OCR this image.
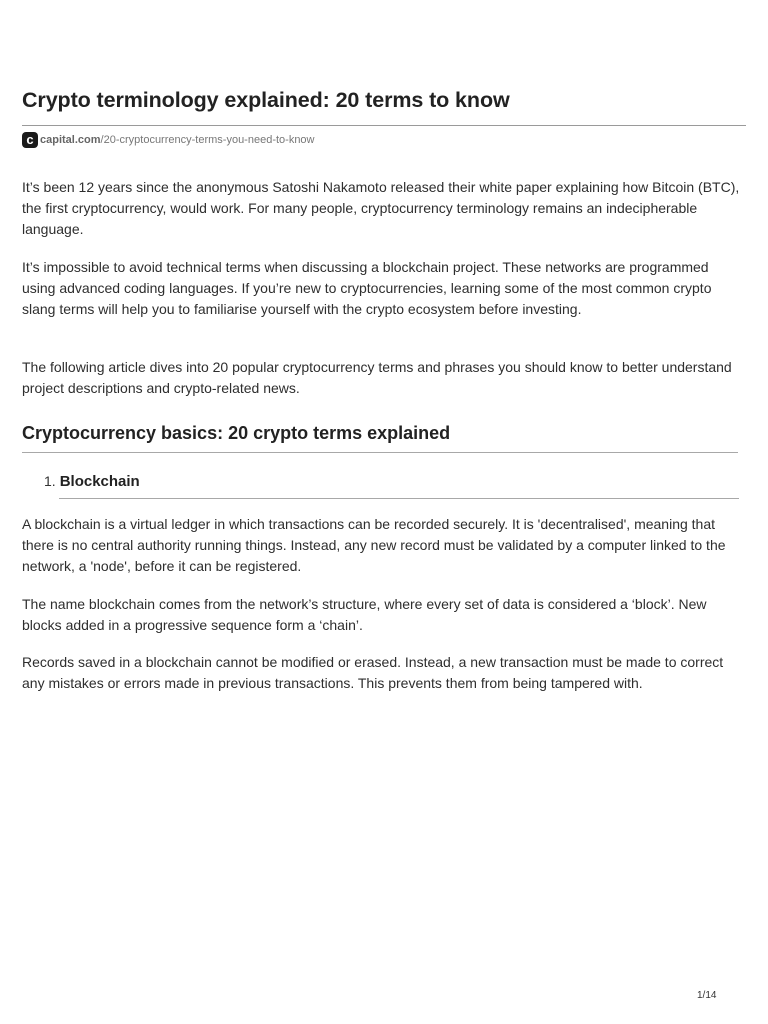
Crypto terminology explained: 20 terms to know
c capital.com /20-cryptocurrency-terms-you-need-to-know

It’s been 12 years since the anonymous Satoshi Nakamoto released their white paper explaining how Bitcoin (BTC), the first cryptocurrency, would work. For many people, cryptocurrency terminology remains an indecipherable language.

It’s impossible to avoid technical terms when discussing a blockchain project. These networks are programmed using advanced coding languages. If you’re new to cryptocurrencies, learning some of the most common crypto slang terms will help you to familiarise yourself with the crypto ecosystem before investing.

The following article dives into 20 popular cryptocurrency terms and phrases you should know to better understand project descriptions and crypto-related news.

Cryptocurrency basics: 20 crypto terms explained
1. Blockchain

A blockchain is a virtual ledger in which transactions can be recorded securely. It is 'decentralised', meaning that there is no central authority running things. Instead, any new record must be validated by a computer linked to the network, a 'node', before it can be registered.

The name blockchain comes from the network’s structure, where every set of data is considered a ‘block’. New blocks added in a progressive sequence form a ‘chain’.

Records saved in a blockchain cannot be modified or erased. Instead, a new transaction must be made to correct any mistakes or errors made in previous transactions. This prevents them from being tampered with.

1/14
